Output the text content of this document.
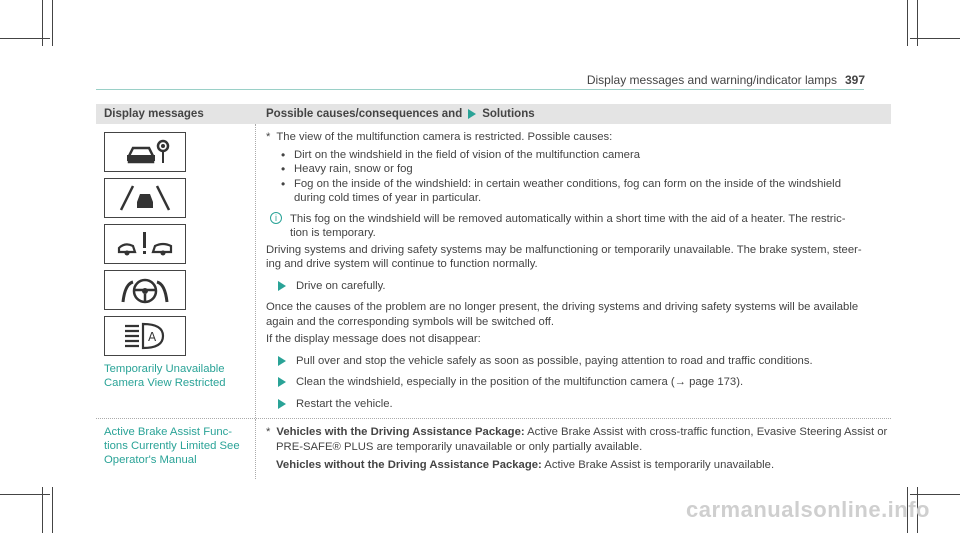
Display messages and warning/indicator lamps 397
Display messages	Possible causes/consequences and Solutions
A
Temporarily Unavailable
Camera View Restricted
* The view of the multifunction camera is restricted. Possible causes:
• Dirt on the windshield in the field of vision of the multifunction camera
• Heavy rain, snow or fog
• Fog on the inside of the windshield: in certain weather conditions, fog can form on the inside of the windshield
during cold times of year in particular.
i	This fog on the windshield will be removed automatically within a short time with the aid of a heater. The restric-
tion is temporary.
Driving systems and driving safety systems may be malfunctioning or temporarily unavailable. The brake system, steer-
ing and drive system will continue to function normally.
Drive on carefully.
Once the causes of the problem are no longer present, the driving systems and driving safety systems will be available
again and the corresponding symbols will be switched off.
If the display message does not disappear:
Pull over and stop the vehicle safely as soon as possible, paying attention to road and traffic conditions.
Clean the windshield, especially in the position of the multifunction camera (→ page 173).
Restart the vehicle.
Active Brake Assist Func-
tions Currently Limited See
Operator's Manual
* Vehicles with the Driving Assistance Package: Active Brake Assist with cross-traffic function, Evasive Steering Assist or
PRE-SAFE® PLUS are temporarily unavailable or only partially available.
Vehicles without the Driving Assistance Package: Active Brake Assist is temporarily unavailable.
carmanualsonline.info
